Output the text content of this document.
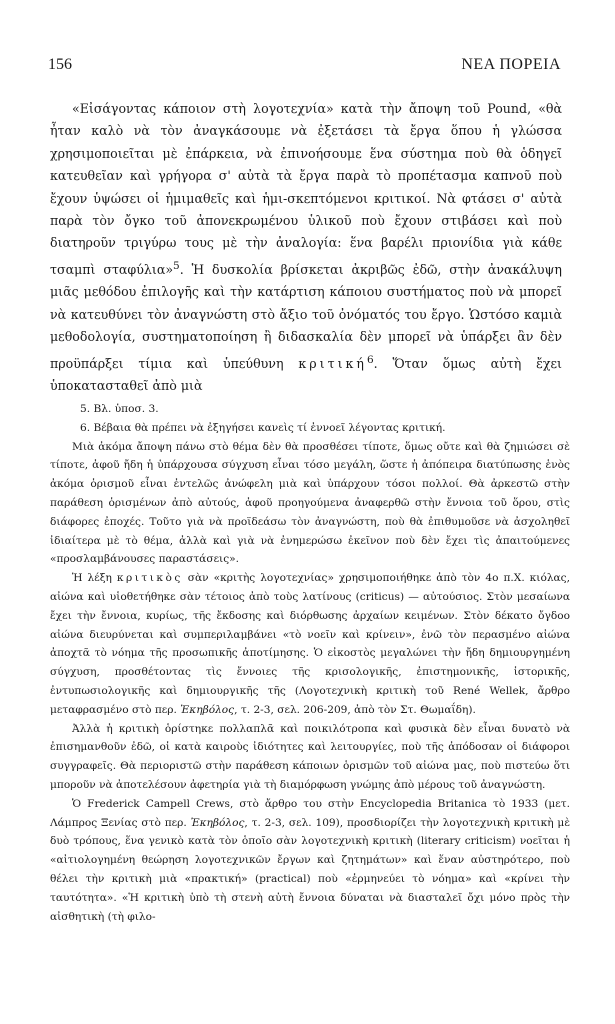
156	ΝΕΑ ΠΟΡΕΙΑ

«Εἰσάγοντας κάποιον στὴ λογοτεχνία» κατὰ τὴν ἄποψη τοῦ Pound, «θὰ ἦταν καλὸ νὰ τὸν ἀναγκάσουμε νὰ ἐξετάσει τὰ ἔργα ὅπου ἡ γλώσσα χρησιμοποιεῖται μὲ ἐπάρκεια, νὰ ἐπινοήσουμε ἕνα σύστημα ποὺ θὰ ὁδηγεῖ κατευθεῖαν καὶ γρήγορα σ' αὐτὰ τὰ ἔργα παρὰ τὸ προπέτασμα καπνοῦ ποὺ ἔχουν ὑψώσει οἱ ἡμιμαθεῖς καὶ ἡμι-σκεπτόμενοι κριτικοί. Νὰ φτάσει σ' αὐτὰ παρὰ τὸν ὄγκο τοῦ ἀπονεκρωμένου ὑλικοῦ ποὺ ἔχουν στιβάσει καὶ ποὺ διατηροῦν τριγύρω τους μὲ τὴν ἀναλογία: ἕνα βαρέλι πριονίδια γιὰ κάθε τσαμπὶ σταφύλια»$^5$. Ἡ δυσκολία βρίσκεται ἀκριβῶς ἐδῶ, στὴν ἀνακάλυψη μιᾶς μεθόδου ἐπιλογῆς καὶ τὴν κατάρτιση κάποιου συστήματος ποὺ νὰ μπορεῖ νὰ κατευθύνει τὸν ἀναγνώστη στὸ ἄξιο τοῦ ὀνόματός του ἔργο. Ὡστόσο καμιὰ μεθοδολογία, συστηματοποίηση ἢ διδασκαλία δὲν μπορεῖ νὰ ὑπάρξει ἂν δὲν προϋπάρξει τίμια καὶ ὑπεύθυνη κριτική$^6$. Ὅταν ὅμως αὐτὴ ἔχει ὑποκατασταθεῖ ἀπὸ μιὰ

5. Βλ. ὑποσ. 3.

6. Βέβαια θὰ πρέπει νὰ ἐξηγήσει κανεὶς τί ἐννοεῖ λέγοντας κριτική.

Μιὰ ἀκόμα ἄποψη πάνω στὸ θέμα δὲν θὰ προσθέσει τίποτε, ὅμως οὔτε καὶ θὰ ζημιώσει σὲ τίποτε, ἀφοῦ ἤδη ἡ ὑπάρχουσα σύγχυση εἶναι τόσο μεγάλη, ὥστε ἡ ἀπόπειρα διατύπωσης ἑνὸς ἀκόμα ὁρισμοῦ εἶναι ἐντελῶς ἀνώφελη μιὰ καὶ ὑπάρχουν τόσοι πολλοί. Θὰ ἀρκεστῶ στὴν παράθεση ὁρισμένων ἀπὸ αὐτούς, ἀφοῦ προηγούμενα ἀναφερθῶ στὴν ἔννοια τοῦ ὅρου, στὶς διάφορες ἐποχές. Τοῦτο γιὰ νὰ προϊδεάσω τὸν ἀναγνώστη, ποὺ θὰ ἐπιθυμοῦσε νὰ ἀσχοληθεῖ ἰδιαίτερα μὲ τὸ θέμα, ἀλλὰ καὶ γιὰ νὰ ἐνημερώσω ἐκεῖνον ποὺ δὲν ἔχει τὶς ἀπαιτούμενες «προσλαμβάνουσες παραστάσεις».

Ἡ λέξη κριτικὸς σὰν «κριτὴς λογοτεχνίας» χρησιμοποιήθηκε ἀπὸ τὸν 4ο π.Χ. κιόλας, αἰώνα καὶ υἱοθετήθηκε σὰν τέτοιος ἀπὸ τοὺς λατίνους (criticus) — αὐτούσιος. Στὸν μεσαίωνα ἔχει τὴν ἔννοια, κυρίως, τῆς ἔκδοσης καὶ διόρθωσης ἀρχαίων κειμένων. Στὸν δέκατο ὄγδοο αἰώνα διευρύνεται καὶ συμπεριλαμβάνει «τὸ νοεῖν καὶ κρίνειν», ἐνῶ τὸν περασμένο αἰώνα ἀποχτᾶ τὸ νόημα τῆς προσωπικῆς ἀποτίμησης. Ὁ εἰκοστὸς μεγαλώνει τὴν ἤδη δημιουργημένη σύγχυση, προσθέτοντας τὶς ἔννοιες τῆς κρισολογικῆς, ἐπιστημονικῆς, ἱστορικῆς, ἐντυπωσιολογικῆς καὶ δημιουργικῆς τῆς (Λογοτεχνικὴ κριτικὴ τοῦ René Wellek, ἄρθρο μεταφρασμένο στὸ περ. Ἐκηβόλος, τ. 2-3, σελ. 206-209, ἀπὸ τὸν Στ. Θωμαΐδη).

Ἀλλὰ ἡ κριτικὴ ὁρίστηκε πολλαπλᾶ καὶ ποικιλότροπα καὶ φυσικὰ δὲν εἶναι δυνατὸ νὰ ἐπισημανθοῦν ἐδῶ, οἱ κατὰ καιροὺς ἰδιότητες καὶ λειτουργίες, ποὺ τῆς ἀπόδοσαν οἱ διάφοροι συγγραφεῖς. Θὰ περιοριστῶ στὴν παράθεση κάποιων ὁρισμῶν τοῦ αἰώνα μας, ποὺ πιστεύω ὅτι μποροῦν νὰ ἀποτελέσουν ἀφετηρία γιὰ τὴ διαμόρφωση γνώμης ἀπὸ μέρους τοῦ ἀναγνώστη.

Ὁ Frederick Campell Crews, στὸ ἄρθρο του στὴν Encyclopedia Britanica τὸ 1933 (μετ. Λάμπρος Ξενίας στὸ περ. Ἐκηβόλος, τ. 2-3, σελ. 109), προσδιορίζει τὴν λογοτεχνικὴ κριτικὴ μὲ δυὸ τρόπους, ἕνα γενικὸ κατὰ τὸν ὁποῖο σὰν λογοτεχνικὴ κριτικὴ (literary criticism) νοεῖται ἡ «αἰτιολογημένη θεώρηση λογοτεχνικῶν ἔργων καὶ ζητημάτων» καὶ ἕναν αὐστηρότερο, ποὺ θέλει τὴν κριτικὴ μιὰ «πρακτική» (practical) ποὺ «ἑρμηνεύει τὸ νόημα» καὶ «κρίνει τὴν ταυτότητα». «Ἡ κριτικὴ ὑπὸ τὴ στενὴ αὐτὴ ἔννοια δύναται νὰ διασταλεῖ ὄχι μόνο πρὸς τὴν αἰσθητικὴ (τὴ φιλο-
